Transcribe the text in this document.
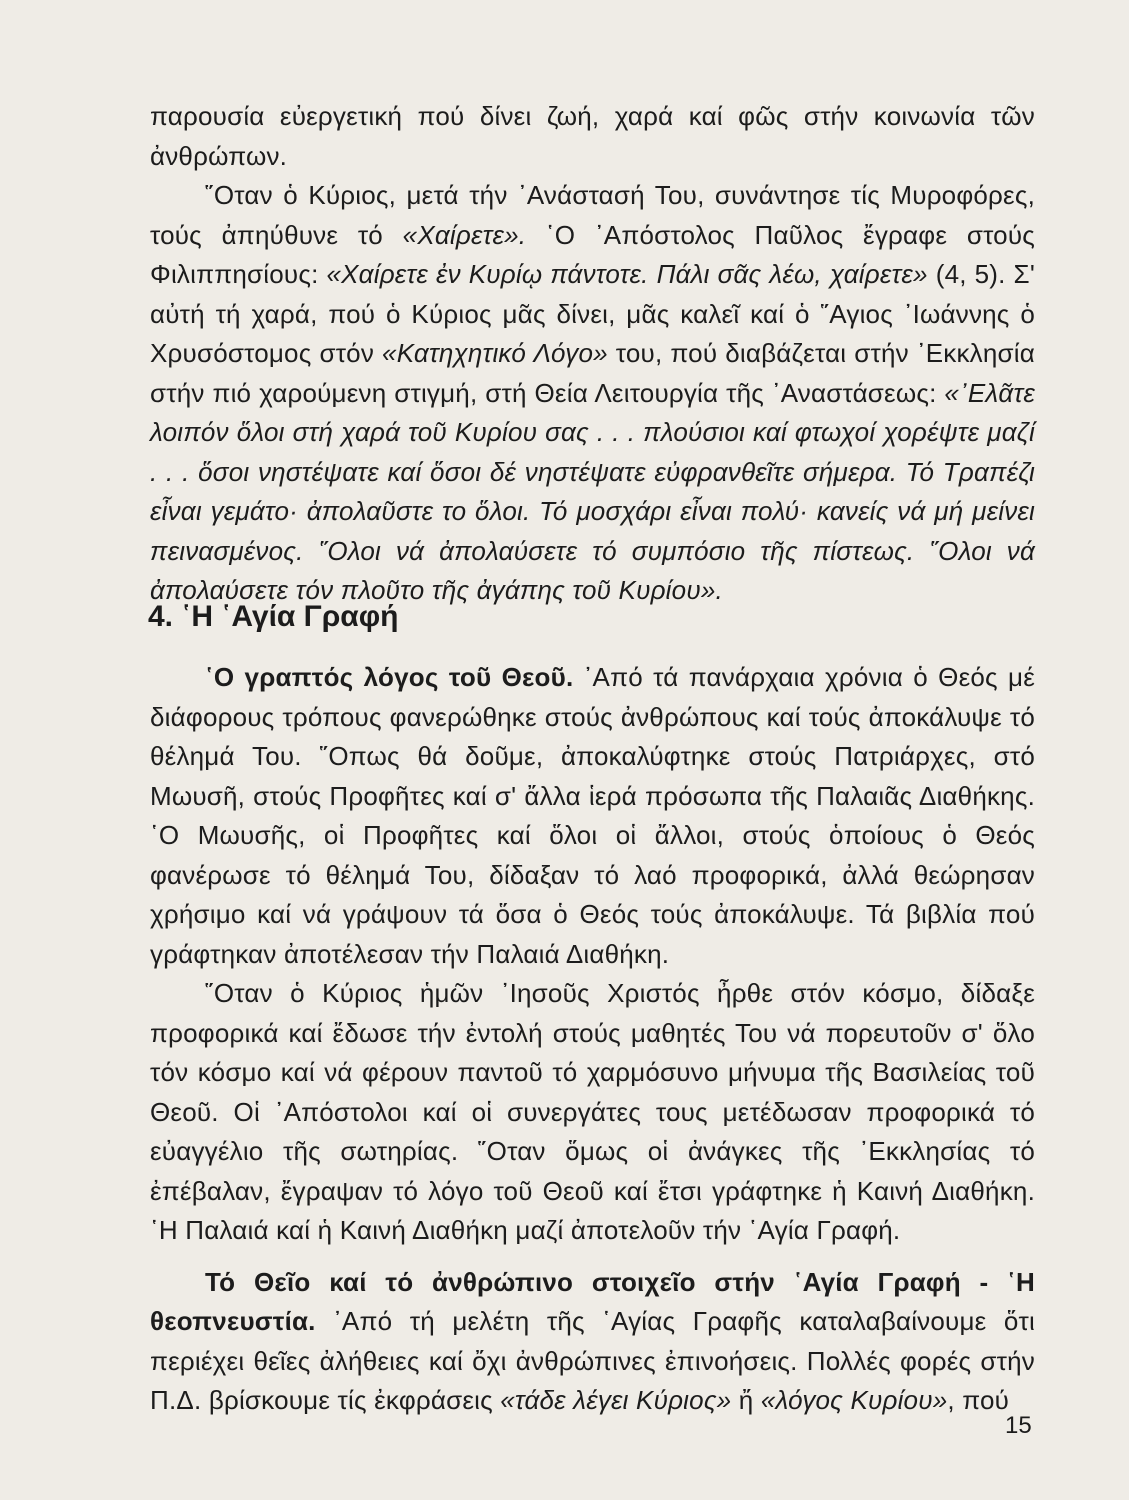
παρουσία εὐεργετική πού δίνει ζωή, χαρά καί φῶς στήν κοινωνία τῶν ἀνθρώπων.

῞Οταν ὁ Κύριος, μετά τήν ᾿Ανάστασή Του, συνάντησε τίς Μυροφόρες, τούς ἀπηύθυνε τό «Χαίρετε». ῾Ο ᾿Απόστολος Παῦλος ἔγραφε στούς Φιλιππησίους: «Χαίρετε ἐν Κυρίῳ πάντοτε. Πάλι σᾶς λέω, χαίρετε» (4, 5). Σ' αὐτή τή χαρά, πού ὁ Κύριος μᾶς δίνει, μᾶς καλεῖ καί ὁ ῞Αγιος ᾿Ιωάννης ὁ Χρυσόστομος στόν «Κατηχητικό Λόγο» του, πού διαβάζεται στήν ᾿Εκκλησία στήν πιό χαρούμενη στιγμή, στή Θεία Λειτουργία τῆς ᾿Αναστάσεως: «᾿Ελᾶτε λοιπόν ὅλοι στή χαρά τοῦ Κυρίου σας . . . πλούσιοι καί φτωχοί χορέψτε μαζί . . . ὅσοι νηστέψατε καί ὅσοι δέ νηστέψατε εὐφρανθεῖτε σήμερα. Τό Τραπέζι εἶναι γεμάτο· ἀπολαῦστε το ὅλοι. Τό μοσχάρι εἶναι πολύ· κανείς νά μή μείνει πεινασμένος. ῞Ολοι νά ἀπολαύσετε τό συμπόσιο τῆς πίστεως. ῞Ολοι νά ἀπολαύσετε τόν πλοῦτο τῆς ἀγάπης τοῦ Κυρίου».

4. ῾Η ῾Αγία Γραφή

῾Ο γραπτός λόγος τοῦ Θεοῦ. ᾿Από τά πανάρχαια χρόνια ὁ Θεός μέ διάφορους τρόπους φανερώθηκε στούς ἀνθρώπους καί τούς ἀποκάλυψε τό θέλημά Του. ῞Οπως θά δοῦμε, ἀποκαλύφτηκε στούς Πατριάρχες, στό Μωυσῆ, στούς Προφῆτες καί σ' ἄλλα ἱερά πρόσωπα τῆς Παλαιᾶς Διαθήκης. ῾Ο Μωυσῆς, οἱ Προφῆτες καί ὅλοι οἱ ἄλλοι, στούς ὁποίους ὁ Θεός φανέρωσε τό θέλημά Του, δίδαξαν τό λαό προφορικά, ἀλλά θεώρησαν χρήσιμο καί νά γράψουν τά ὅσα ὁ Θεός τούς ἀποκάλυψε. Τά βιβλία πού γράφτηκαν ἀποτέλεσαν τήν Παλαιά Διαθήκη.

῞Οταν ὁ Κύριος ἡμῶν ᾿Ιησοῦς Χριστός ἦρθε στόν κόσμο, δίδαξε προφορικά καί ἔδωσε τήν ἐντολή στούς μαθητές Του νά πορευτοῦν σ' ὅλο τόν κόσμο καί νά φέρουν παντοῦ τό χαρμόσυνο μήνυμα τῆς Βασιλείας τοῦ Θεοῦ. Οἱ ᾿Απόστολοι καί οἱ συνεργάτες τους μετέδωσαν προφορικά τό εὐαγγέλιο τῆς σωτηρίας. ῞Οταν ὅμως οἱ ἀνάγκες τῆς ᾿Εκκλησίας τό ἐπέβαλαν, ἔγραψαν τό λόγο τοῦ Θεοῦ καί ἔτσι γράφτηκε ἡ Καινή Διαθήκη. ῾Η Παλαιά καί ἡ Καινή Διαθήκη μαζί ἀποτελοῦν τήν ῾Αγία Γραφή.

Τό Θεῖο καί τό ἀνθρώπινο στοιχεῖο στήν ῾Αγία Γραφή - ῾Η θεοπνευστία. ᾿Από τή μελέτη τῆς ῾Αγίας Γραφῆς καταλαβαίνουμε ὅτι περιέχει θεῖες ἀλήθειες καί ὄχι ἀνθρώπινες ἐπινοήσεις. Πολλές φορές στήν Π.Δ. βρίσκουμε τίς ἐκφράσεις «τάδε λέγει Κύριος» ἤ «λόγος Κυρίου», πού

15
